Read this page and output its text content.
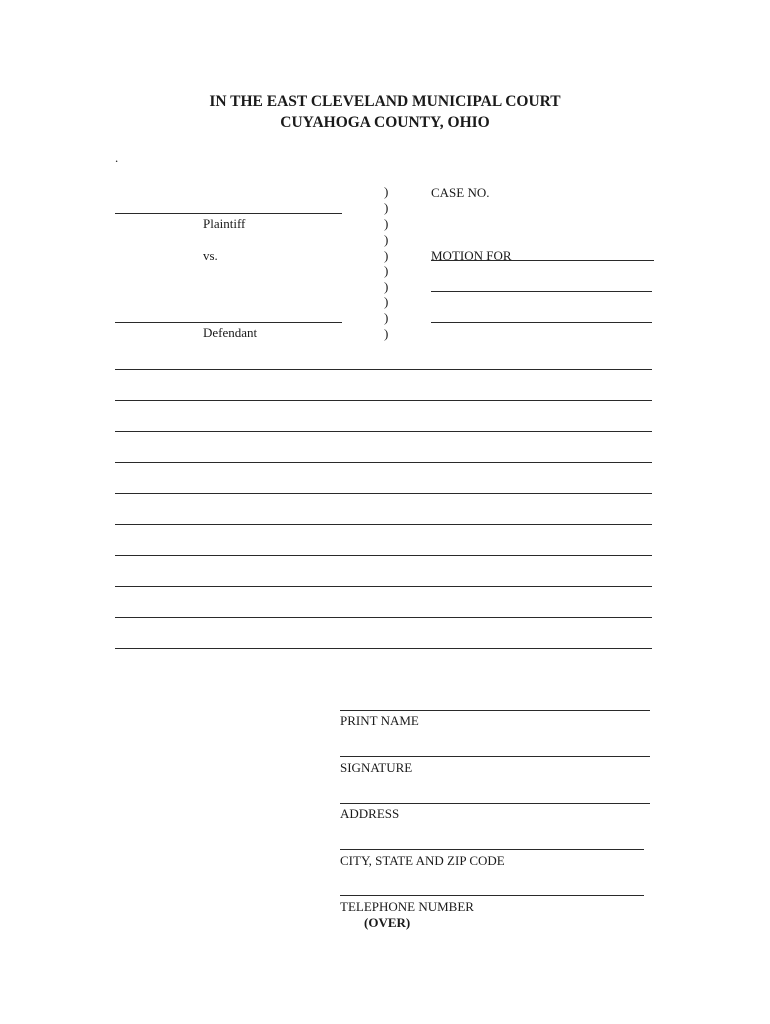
IN THE EAST CLEVELAND MUNICIPAL COURT
CUYAHOGA COUNTY, OHIO
.
Plaintiff
vs.
Defendant
)
)
)
)
)
)
)
)
)
)
CASE NO.
MOTION FOR
PRINT NAME
SIGNATURE
ADDRESS
CITY, STATE AND ZIP CODE
TELEPHONE NUMBER
(OVER)
